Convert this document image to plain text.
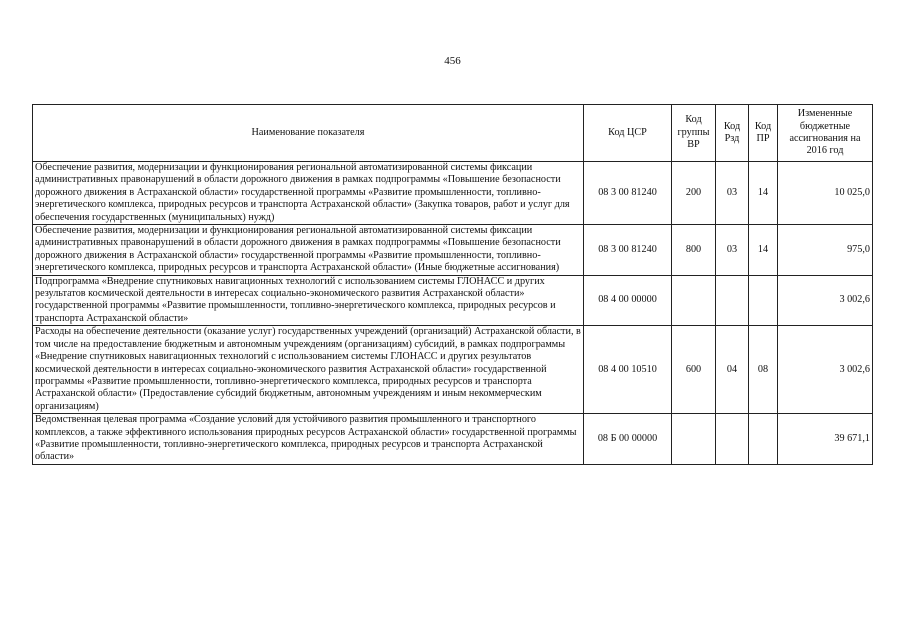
456
Наименование показателя	Код ЦСР	Код группы ВР	Код Рзд	Код ПР	Измененные бюджетные ассигнования на 2016 год
Обеспечение развития, модернизации и функционирования региональной автоматизированной системы фиксации административных правонарушений в области дорожного движения в рамках подпрограммы «Повышение безопасности дорожного движения в Астраханской области» государственной программы «Развитие промышленности, топливно-энергетического комплекса, природных ресурсов и транспорта Астраханской области» (Закупка товаров, работ и услуг для обеспечения государственных (муниципальных) нужд)	08 3 00 81240	200	03	14	10 025,0
Обеспечение развития, модернизации и функционирования региональной автоматизированной системы фиксации административных правонарушений в области дорожного движения в рамках подпрограммы «Повышение безопасности дорожного движения в Астраханской области» государственной программы «Развитие промышленности, топливно-энергетического комплекса, природных ресурсов и транспорта Астраханской области» (Иные бюджетные ассигнования)	08 3 00 81240	800	03	14	975,0
Подпрограмма «Внедрение спутниковых навигационных технологий с использованием системы ГЛОНАСС и других результатов космической деятельности в интересах социально-экономического развития Астраханской области» государственной программы «Развитие промышленности, топливно-энергетического комплекса, природных ресурсов и транспорта Астраханской области»	08 4 00 00000				3 002,6
Расходы на обеспечение деятельности (оказание услуг) государственных учреждений (организаций) Астраханской области, в том числе на предоставление бюджетным и автономным учреждениям (организациям) субсидий, в рамках подпрограммы «Внедрение спутниковых навигационных технологий с использованием системы ГЛОНАСС и других результатов космической деятельности в интересах социально-экономического развития Астраханской области» государственной программы «Развитие промышленности, топливно-энергетического комплекса, природных ресурсов и транспорта Астраханской области» (Предоставление субсидий бюджетным, автономным учреждениям и иным некоммерческим организациям)	08 4 00 10510	600	04	08	3 002,6
Ведомственная целевая программа «Создание условий для устойчивого развития промышленного и транспортного комплексов, а также эффективного использования природных ресурсов Астраханской области» государственной программы «Развитие промышленности, топливно-энергетического комплекса, природных ресурсов и транспорта Астраханской области»	08 Б 00 00000				39 671,1
